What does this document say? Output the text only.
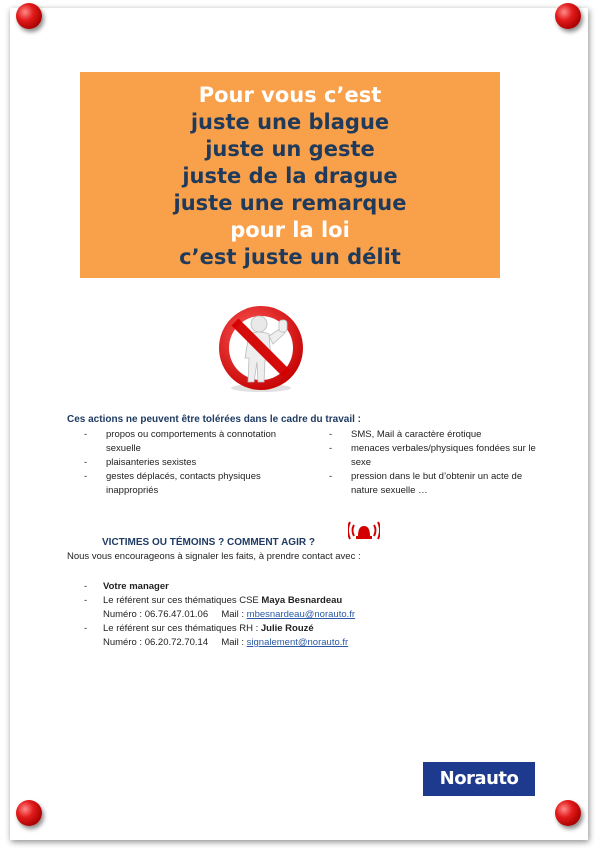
Pour vous c’est
juste une blague
juste un geste
juste de la drague
juste une remarque
pour la loi
c’est juste un délit
Ces actions ne peuvent être tolérées dans le cadre du travail :
- propos ou comportements à connotation sexuelle
- plaisanteries sexistes
- gestes déplacés, contacts physiques inappropriés
- SMS, Mail à caractère érotique
- menaces verbales/physiques fondées sur le sexe
- pression dans le but d’obtenir un acte de nature sexuelle …
VICTIMES OU TÉMOINS ? COMMENT AGIR ?
Nous vous encourageons à signaler les faits, à prendre contact avec :
- Votre manager
- Le référent sur ces thématiques CSE Maya Besnardeau
Numéro : 06.76.47.01.06 Mail : mbesnardeau@norauto.fr
- Le référent sur ces thématiques RH : Julie Rouzé
Numéro : 06.20.72.70.14 Mail : signalement@norauto.fr
Norauto
